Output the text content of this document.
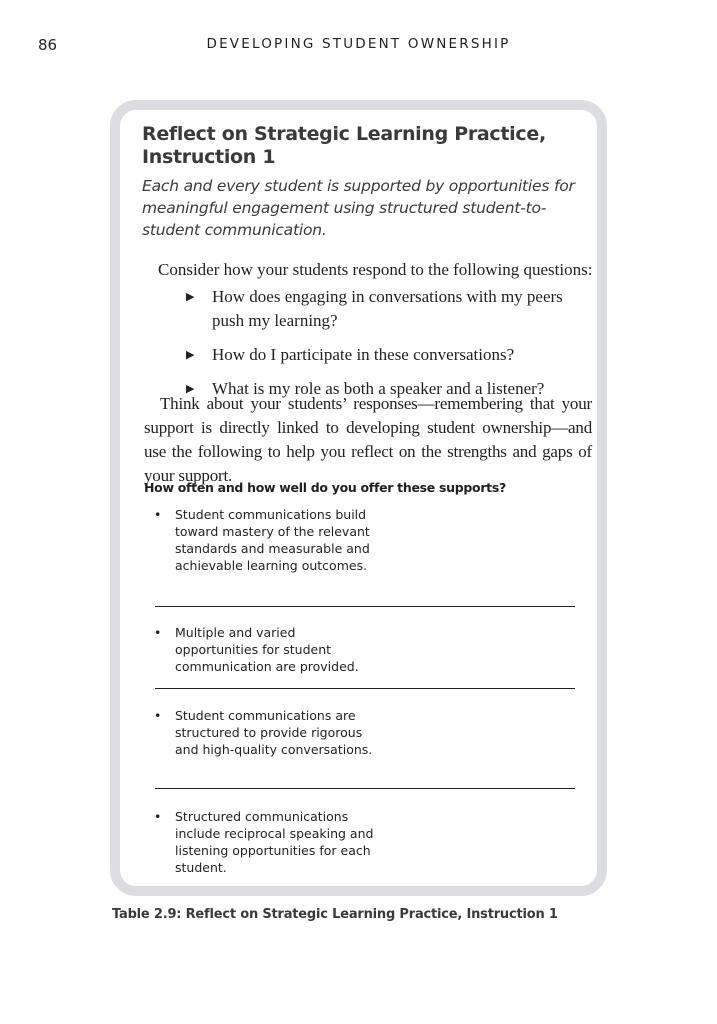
86	DEVELOPING STUDENT OWNERSHIP
Reflect on Strategic Learning Practice, Instruction 1
Each and every student is supported by opportunities for meaningful engagement using structured student-to-student communication.
Consider how your students respond to the following questions:
▶ How does engaging in conversations with my peers push my learning?
▶ How do I participate in these conversations?
▶ What is my role as both a speaker and a listener?
Think about your students’ responses—remembering that your support is directly linked to developing student ownership—and use the following to help you reflect on the strengths and gaps of your support.
How often and how well do you offer these supports?
• Student communications build toward mastery of the relevant standards and measurable and achievable learning outcomes.
• Multiple and varied opportunities for student communication are provided.
• Student communications are structured to provide rigorous and high-quality conversations.
• Structured communications include reciprocal speaking and listening opportunities for each student.
Table 2.9: Reflect on Strategic Learning Practice, Instruction 1
